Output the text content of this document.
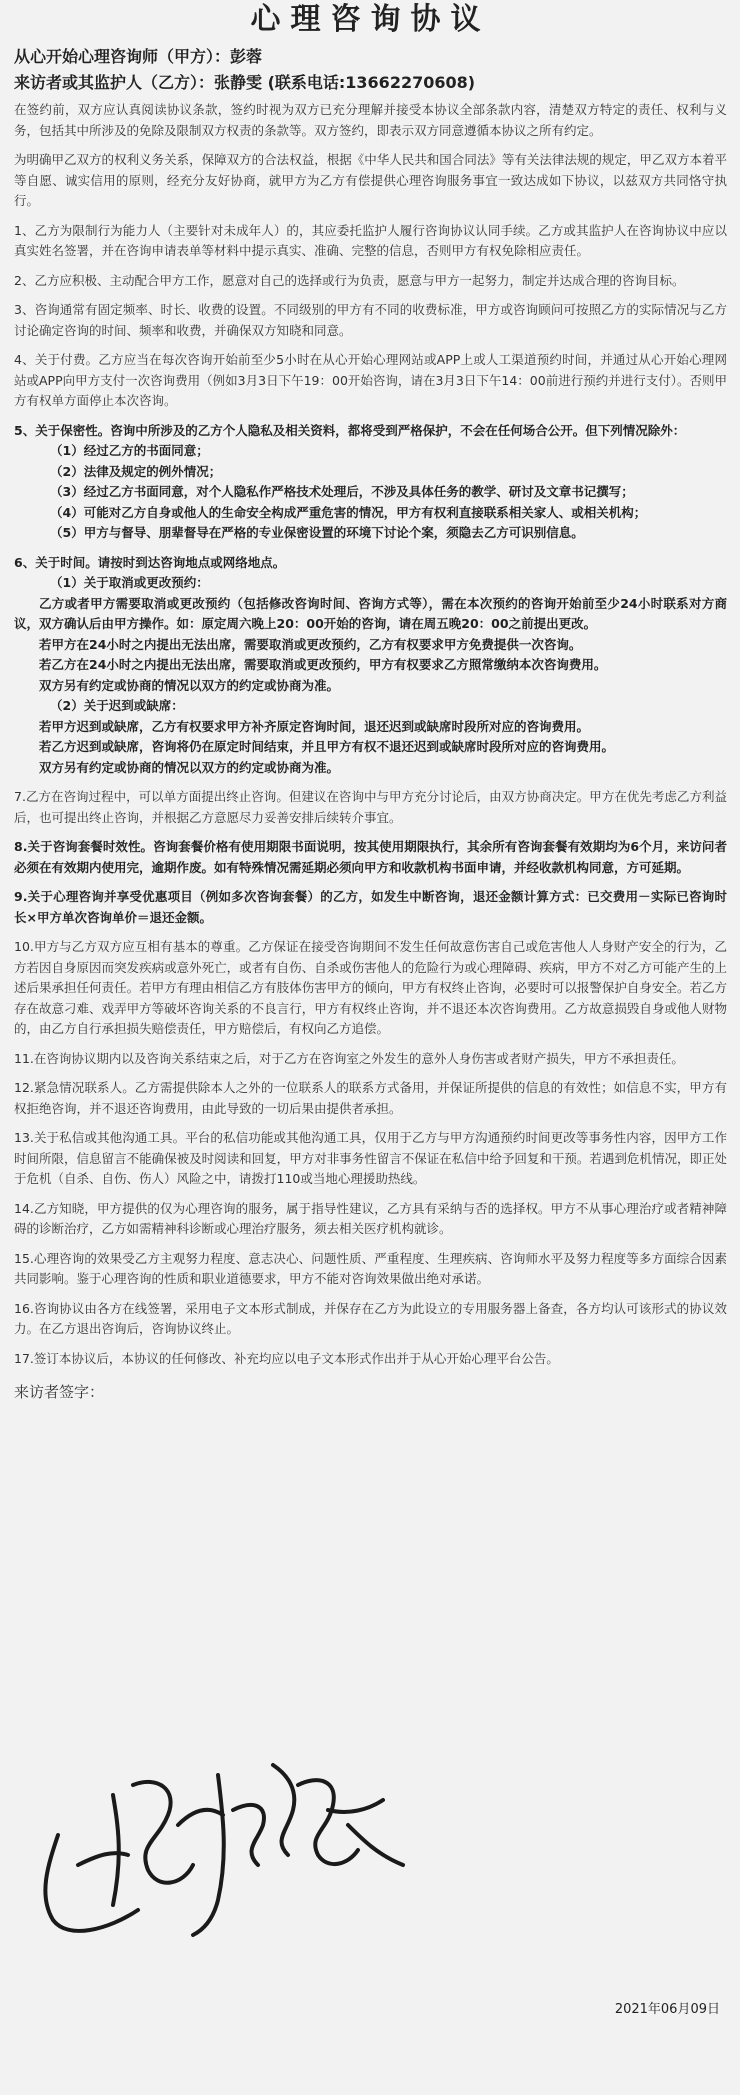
心理咨询协议

从心开始心理咨询师（甲方）：彭蓉

来访者或其监护人（乙方）：张静雯 (联系电话:13662270608)

在签约前，双方应认真阅读协议条款，签约时视为双方已充分理解并接受本协议全部条款内容，清楚双方特定的责任、权利与义务，包括其中所涉及的免除及限制双方权责的条款等。双方签约，即表示双方同意遵循本协议之所有约定。

为明确甲乙双方的权利义务关系，保障双方的合法权益，根据《中华人民共和国合同法》等有关法律法规的规定，甲乙双方本着平等自愿、诚实信用的原则，经充分友好协商，就甲方为乙方有偿提供心理咨询服务事宜一致达成如下协议，以兹双方共同恪守执行。

1、乙方为限制行为能力人（主要针对未成年人）的，其应委托监护人履行咨询协议认同手续。乙方或其监护人在咨询协议中应以真实姓名签署，并在咨询申请表单等材料中提示真实、准确、完整的信息，否则甲方有权免除相应责任。

2、乙方应积极、主动配合甲方工作，愿意对自己的选择或行为负责，愿意与甲方一起努力，制定并达成合理的咨询目标。

3、咨询通常有固定频率、时长、收费的设置。不同级别的甲方有不同的收费标准，甲方或咨询顾问可按照乙方的实际情况与乙方讨论确定咨询的时间、频率和收费，并确保双方知晓和同意。

4、关于付费。乙方应当在每次咨询开始前至少5小时在从心开始心理网站或APP上或人工渠道预约时间，并通过从心开始心理网站或APP向甲方支付一次咨询费用（例如3月3日下午19：00开始咨询，请在3月3日下午14：00前进行预约并进行支付）。否则甲方有权单方面停止本次咨询。

5、关于保密性。咨询中所涉及的乙方个人隐私及相关资料，都将受到严格保护，不会在任何场合公开。但下列情况除外：

（1）经过乙方的书面同意；

（2）法律及规定的例外情况；

（3）经过乙方书面同意，对个人隐私作严格技术处理后，不涉及具体任务的教学、研讨及文章书记撰写；

（4）可能对乙方自身或他人的生命安全构成严重危害的情况，甲方有权利直接联系相关家人、或相关机构；

（5）甲方与督导、朋辈督导在严格的专业保密设置的环境下讨论个案，须隐去乙方可识别信息。

6、关于时间。请按时到达咨询地点或网络地点。

（1）关于取消或更改预约：

乙方或者甲方需要取消或更改预约（包括修改咨询时间、咨询方式等），需在本次预约的咨询开始前至少24小时联系对方商议，双方确认后由甲方操作。如：原定周六晚上20：00开始的咨询，请在周五晚20：00之前提出更改。

若甲方在24小时之内提出无法出席，需要取消或更改预约，乙方有权要求甲方免费提供一次咨询。

若乙方在24小时之内提出无法出席，需要取消或更改预约，甲方有权要求乙方照常缴纳本次咨询费用。

双方另有约定或协商的情况以双方的约定或协商为准。

（2）关于迟到或缺席：

若甲方迟到或缺席，乙方有权要求甲方补齐原定咨询时间，退还迟到或缺席时段所对应的咨询费用。

若乙方迟到或缺席，咨询将仍在原定时间结束，并且甲方有权不退还迟到或缺席时段所对应的咨询费用。

双方另有约定或协商的情况以双方的约定或协商为准。

7.乙方在咨询过程中，可以单方面提出终止咨询。但建议在咨询中与甲方充分讨论后，由双方协商决定。甲方在优先考虑乙方利益后，也可提出终止咨询，并根据乙方意愿尽力妥善安排后续转介事宜。

8.关于咨询套餐时效性。咨询套餐价格有使用期限书面说明，按其使用期限执行，其余所有咨询套餐有效期均为6个月，来访问者必须在有效期内使用完，逾期作废。如有特殊情况需延期必须向甲方和收款机构书面申请，并经收款机构同意，方可延期。

9.关于心理咨询并享受优惠项目（例如多次咨询套餐）的乙方，如发生中断咨询，退还金额计算方式：已交费用－实际已咨询时长×甲方单次咨询单价＝退还金额。

10.甲方与乙方双方应互相有基本的尊重。乙方保证在接受咨询期间不发生任何故意伤害自己或危害他人人身财产安全的行为，乙方若因自身原因而突发疾病或意外死亡，或者有自伤、自杀或伤害他人的危险行为或心理障碍、疾病，甲方不对乙方可能产生的上述后果承担任何责任。若甲方有理由相信乙方有肢体伤害甲方的倾向，甲方有权终止咨询，必要时可以报警保护自身安全。若乙方存在故意刁难、戏弄甲方等破坏咨询关系的不良言行，甲方有权终止咨询，并不退还本次咨询费用。乙方故意损毁自身或他人财物的，由乙方自行承担损失赔偿责任，甲方赔偿后，有权向乙方追偿。

11.在咨询协议期内以及咨询关系结束之后，对于乙方在咨询室之外发生的意外人身伤害或者财产损失，甲方不承担责任。

12.紧急情况联系人。乙方需提供除本人之外的一位联系人的联系方式备用，并保证所提供的信息的有效性；如信息不实，甲方有权拒绝咨询，并不退还咨询费用，由此导致的一切后果由提供者承担。

13.关于私信或其他沟通工具。平台的私信功能或其他沟通工具，仅用于乙方与甲方沟通预约时间更改等事务性内容，因甲方工作时间所限，信息留言不能确保被及时阅读和回复，甲方对非事务性留言不保证在私信中给予回复和干预。若遇到危机情况，即正处于危机（自杀、自伤、伤人）风险之中，请拨打110或当地心理援助热线。

14.乙方知晓，甲方提供的仅为心理咨询的服务，属于指导性建议，乙方具有采纳与否的选择权。甲方不从事心理治疗或者精神障碍的诊断治疗，乙方如需精神科诊断或心理治疗服务，须去相关医疗机构就诊。

15.心理咨询的效果受乙方主观努力程度、意志决心、问题性质、严重程度、生理疾病、咨询师水平及努力程度等多方面综合因素共同影响。鉴于心理咨询的性质和职业道德要求，甲方不能对咨询效果做出绝对承诺。

16.咨询协议由各方在线签署，采用电子文本形式制成，并保存在乙方为此设立的专用服务器上备查，各方均认可该形式的协议效力。在乙方退出咨询后，咨询协议终止。

17.签订本协议后，本协议的任何修改、补充均应以电子文本形式作出并于从心开始心理平台公告。

来访者签字：
2021年06月09日
